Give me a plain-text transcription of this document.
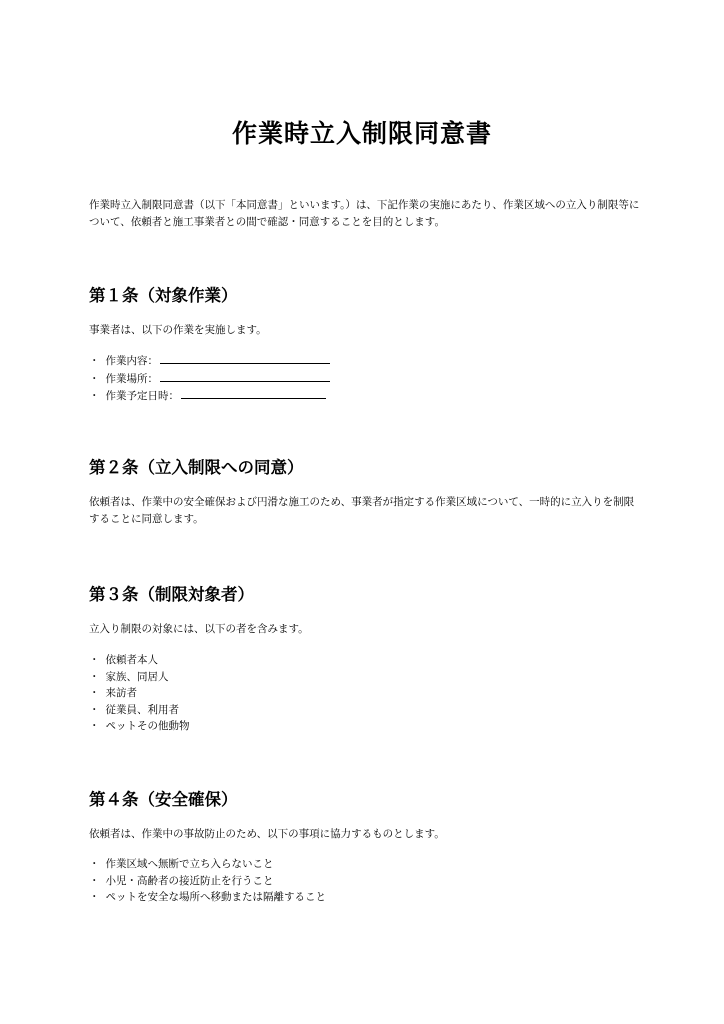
作業時立入制限同意書

作業時立入制限同意書（以下「本同意書」といいます。）は、下記作業の実施にあたり、作業区域への立入り制限等について、依頼者と施工事業者との間で確認・同意することを目的とします。

第１条（対象作業）

事業者は、以下の作業を実施します。

・ 作業内容：
・ 作業場所：
・ 作業予定日時：
第２条（立入制限への同意）

依頼者は、作業中の安全確保および円滑な施工のため、事業者が指定する作業区域について、一時的に立入りを制限することに同意します。

第３条（制限対象者）

立入り制限の対象には、以下の者を含みます。

・ 依頼者本人
・ 家族、同居人
・ 来訪者
・ 従業員、利用者
・ ペットその他動物
第４条（安全確保）

依頼者は、作業中の事故防止のため、以下の事項に協力するものとします。

・ 作業区域へ無断で立ち入らないこと
・ 小児・高齢者の接近防止を行うこと
・ ペットを安全な場所へ移動または隔離すること
